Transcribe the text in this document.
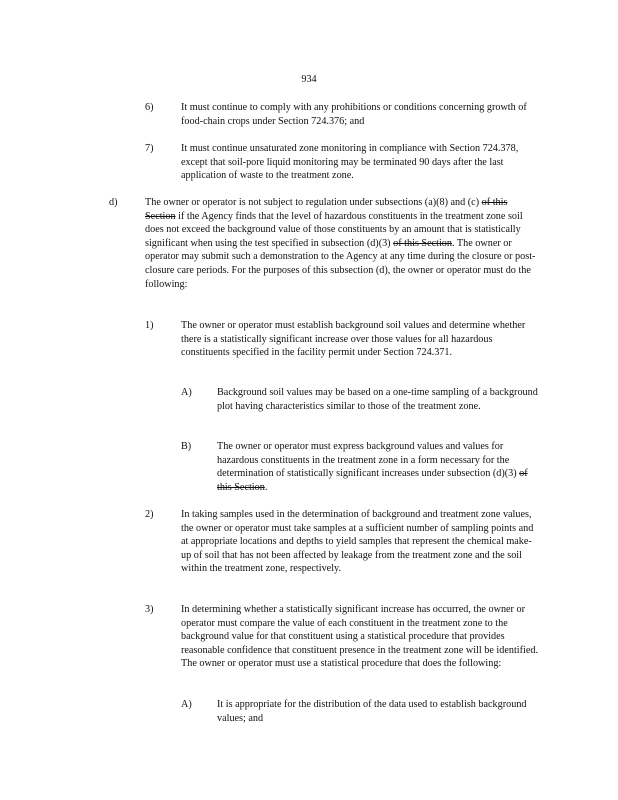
934
6)	It must continue to comply with any prohibitions or conditions concerning growth of food-chain crops under Section 724.376; and

7)	It must continue unsaturated zone monitoring in compliance with Section 724.378, except that soil-pore liquid monitoring may be terminated 90 days after the last application of waste to the treatment zone.

d)	The owner or operator is not subject to regulation under subsections (a)(8) and (c) of this Section if the Agency finds that the level of hazardous constituents in the treatment zone soil does not exceed the background value of those constituents by an amount that is statistically significant when using the test specified in subsection (d)(3) of this Section. The owner or operator may submit such a demonstration to the Agency at any time during the closure or post-closure care periods. For the purposes of this subsection (d), the owner or operator must do the following:

1)	The owner or operator must establish background soil values and determine whether there is a statistically significant increase over those values for all hazardous constituents specified in the facility permit under Section 724.371.

A) Background soil values may be based on a one-time sampling of a background plot having characteristics similar to those of the treatment zone.

B)	The owner or operator must express background values and values for hazardous constituents in the treatment zone in a form necessary for the determination of statistically significant increases under subsection (d)(3) of this Section.

2)	In taking samples used in the determination of background and treatment zone values, the owner or operator must take samples at a sufficient number of sampling points and at appropriate locations and depths to yield samples that represent the chemical make-up of soil that has not been affected by leakage from the treatment zone and the soil within the treatment zone, respectively.

3)	In determining whether a statistically significant increase has occurred, the owner or operator must compare the value of each constituent in the treatment zone to the background value for that constituent using a statistical procedure that provides reasonable confidence that constituent presence in the treatment zone will be identified. The owner or operator must use a statistical procedure that does the following:

A) It is appropriate for the distribution of the data used to establish background values; and
